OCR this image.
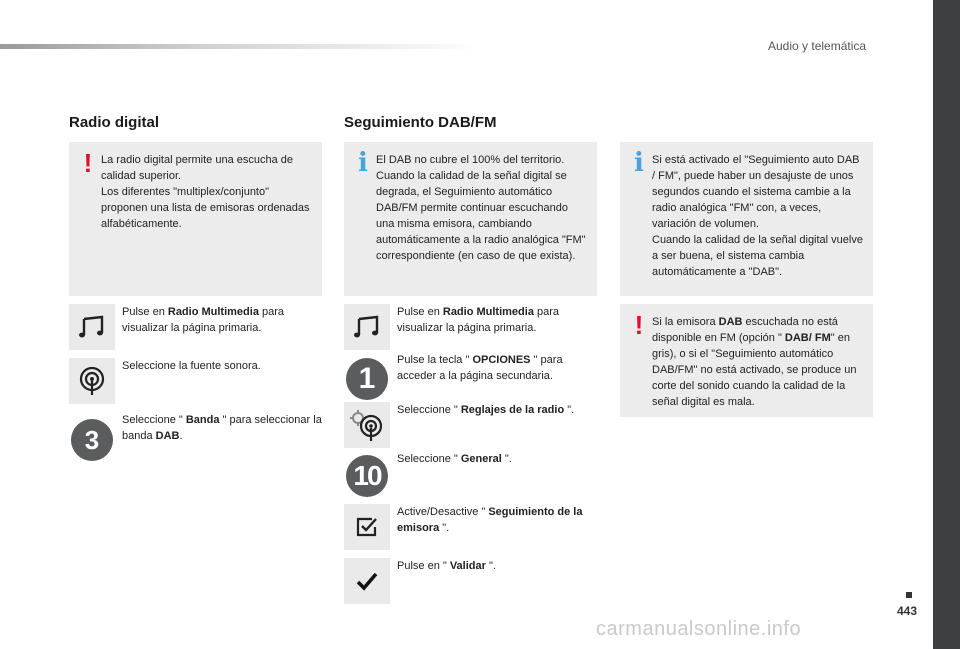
Audio y telemática
443
carmanualsonline.info
Radio digital
! La radio digital permite una escucha de calidad superior.
Los diferentes "multiplex/conjunto" proponen una lista de emisoras ordenadas alfabéticamente.
Pulse en Radio Multimedia para visualizar la página primaria.
Seleccione la fuente sonora.
3
Seleccione " Banda " para seleccionar la banda DAB.
Seguimiento DAB/FM
i El DAB no cubre el 100% del territorio. Cuando la calidad de la señal digital se degrada, el Seguimiento automático DAB/FM permite continuar escuchando una misma emisora, cambiando automáticamente a la radio analógica "FM" correspondiente (en caso de que exista).
Pulse en Radio Multimedia para visualizar la página primaria.
1
Pulse la tecla " OPCIONES " para acceder a la página secundaria.
Seleccione " Reglajes de la radio ".
10
Seleccione " General ".
Active/Desactive " Seguimiento de la emisora ".
Pulse en " Validar ".
i Si está activado el "Seguimiento auto DAB / FM", puede haber un desajuste de unos segundos cuando el sistema cambie a la radio analógica "FM" con, a veces, variación de volumen.
Cuando la calidad de la señal digital vuelve a ser buena, el sistema cambia automáticamente a "DAB".
! Si la emisora DAB escuchada no está disponible en FM (opción " DAB/ FM" en gris), o si el "Seguimiento automático DAB/FM" no está activado, se produce un corte del sonido cuando la calidad de la señal digital es mala.
